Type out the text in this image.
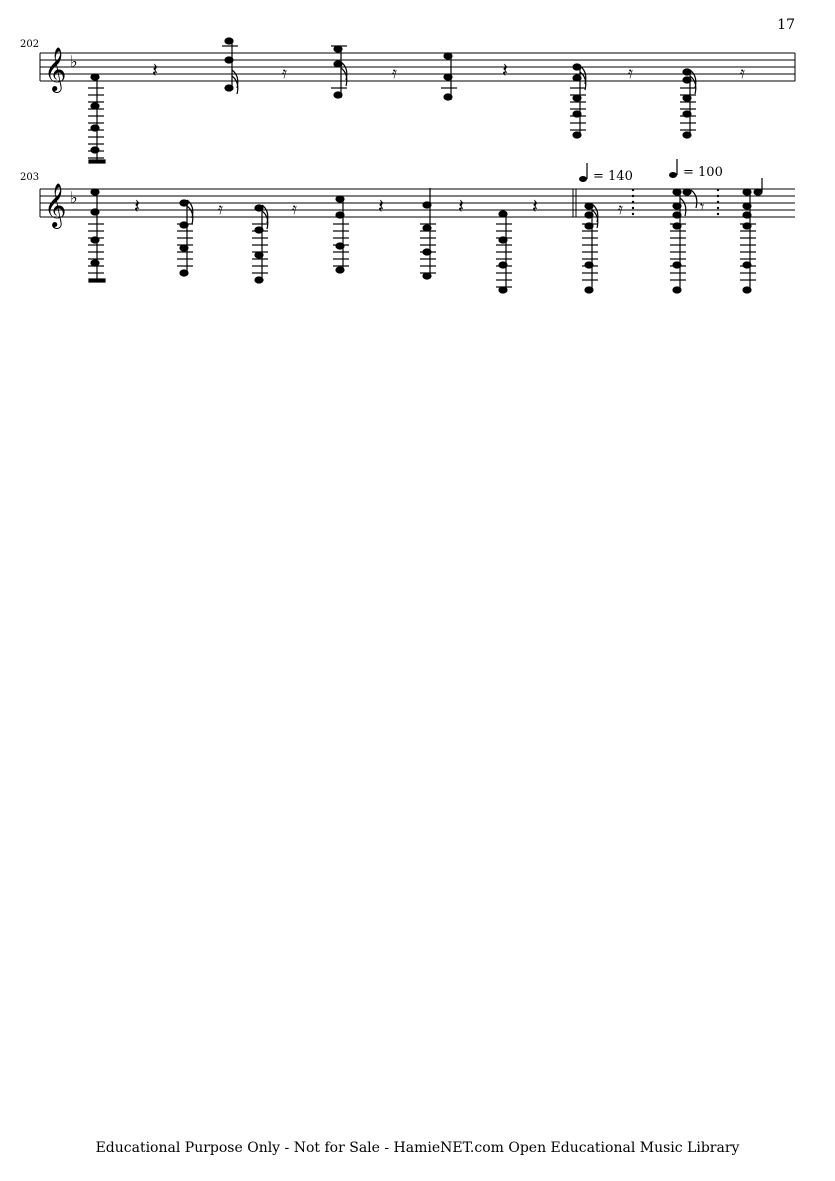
17
202
𝄞 ♭	𝄽	𝄿	𝄿	𝄽	𝄿	𝄿
203
𝄞 ♭
= 140	= 100
𝄽	𝄿	𝄿	𝄽	𝄽	𝄽	𝄿	𝄾
Educational Purpose Only - Not for Sale - HamieNET.com Open Educational Music Library
